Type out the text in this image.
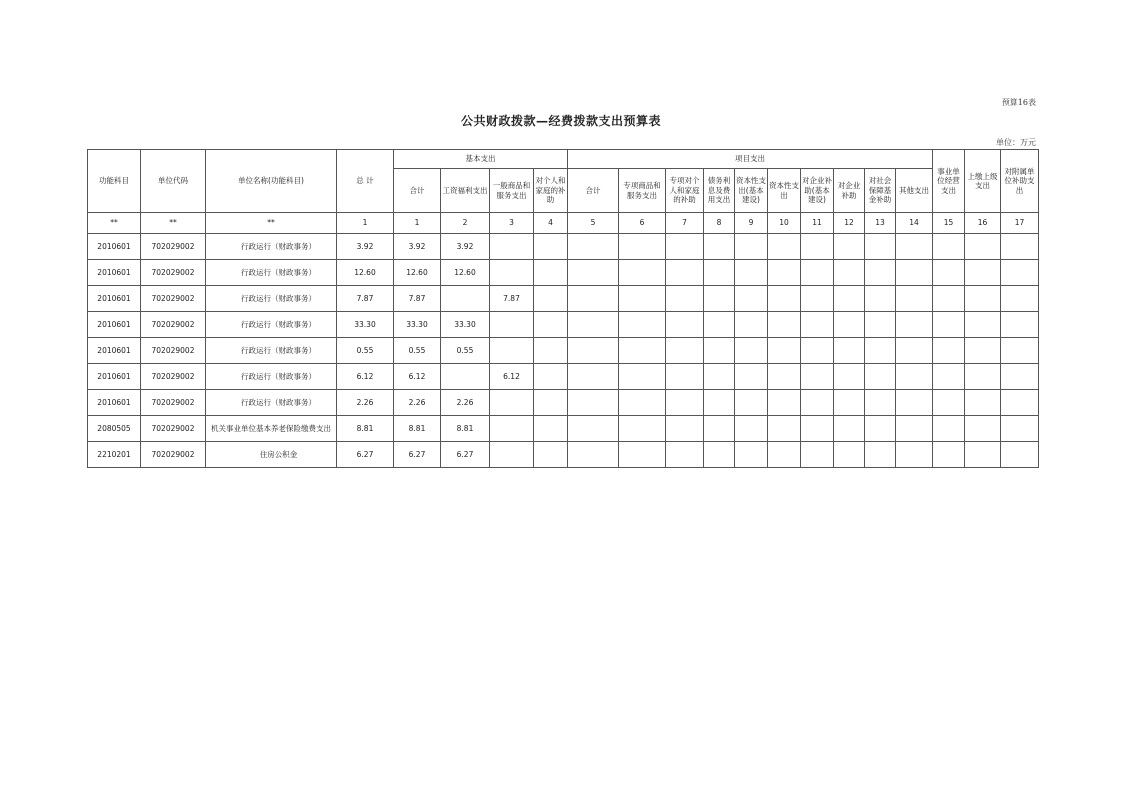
预算16表
公共财政拨款—经费拨款支出预算表
单位：万元
功能科目	单位代码	单位名称(功能科目)	总 计	基本支出				项目支出										事业单位经营支出	上缴上级支出	对附属单位补助支出
				合计	工资福利支出	一般商品和服务支出	对个人和家庭的补助	合计	专项商品和服务支出	专项对个人和家庭的补助	债务利息及费用支出	资本性支出(基本建设)	资本性支出	对企业补助(基本建设)	对企业补助	对社会保障基金补助	其他支出			
**	**	**	1	1	2	3	4	5	6	7	8	9	10	11	12	13	14	15	16	17
2010601	702029002	行政运行（财政事务）	3.92	3.92	3.92															
2010601	702029002	行政运行（财政事务）	12.60	12.60	12.60															
2010601	702029002	行政运行（财政事务）	7.87	7.87		7.87														
2010601	702029002	行政运行（财政事务）	33.30	33.30	33.30															
2010601	702029002	行政运行（财政事务）	0.55	0.55	0.55															
2010601	702029002	行政运行（财政事务）	6.12	6.12		6.12														
2010601	702029002	行政运行（财政事务）	2.26	2.26	2.26															
2080505	702029002	机关事业单位基本养老保险缴费支出	8.81	8.81	8.81															
2210201	702029002	住房公积金	6.27	6.27	6.27															
